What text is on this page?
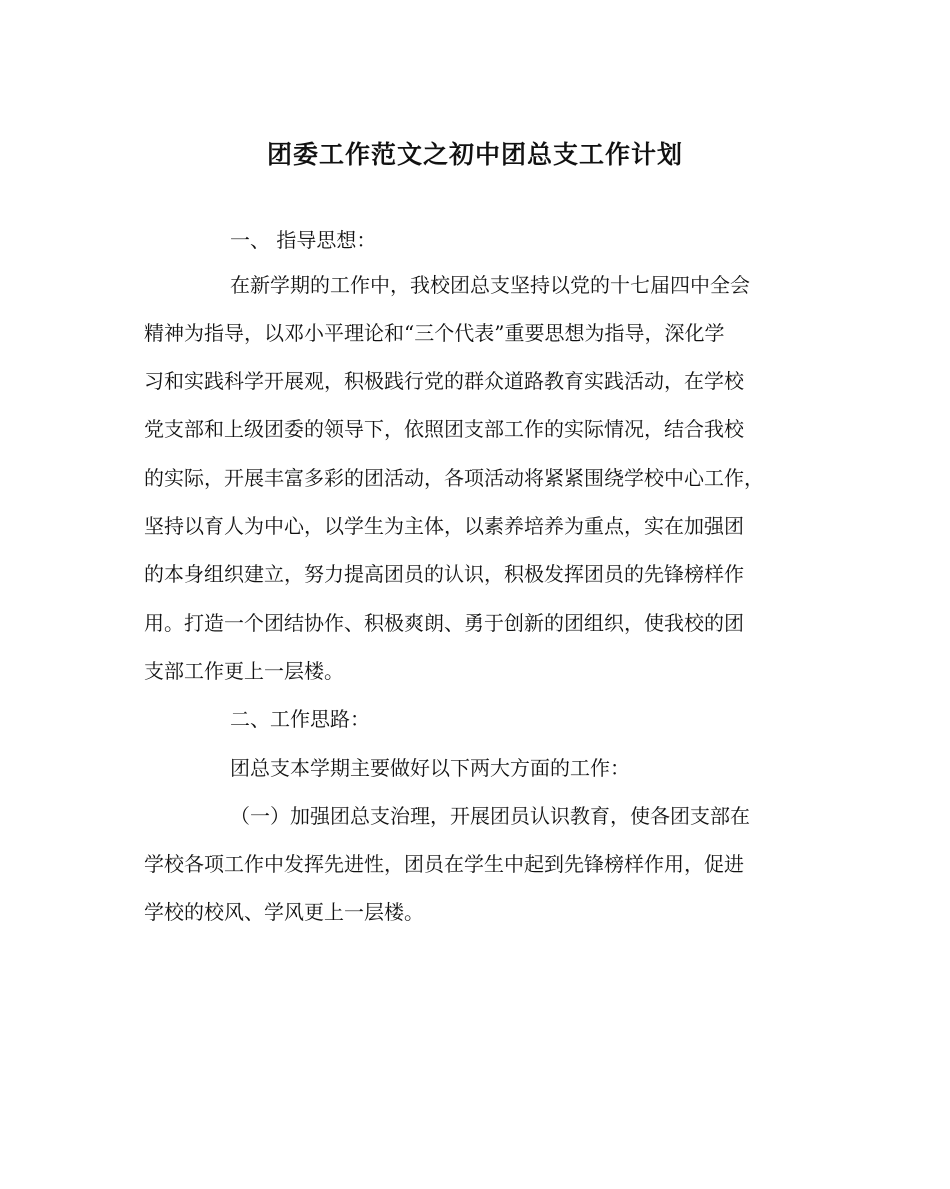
团委工作范文之初中团总支工作计划
一、 指导思想：
在新学期的工作中，我校团总支坚持以党的十七届四中全会
精神为指导，以邓小平理论和“三个代表”重要思想为指导，深化学
习和实践科学开展观，积极践行党的群众道路教育实践活动，在学校
党支部和上级团委的领导下，依照团支部工作的实际情况，结合我校
的实际，开展丰富多彩的团活动，各项活动将紧紧围绕学校中心工作，
坚持以育人为中心，以学生为主体，以素养培养为重点，实在加强团
的本身组织建立，努力提高团员的认识，积极发挥团员的先锋榜样作
用。打造一个团结协作、积极爽朗、勇于创新的团组织，使我校的团
支部工作更上一层楼。
二、工作思路：
团总支本学期主要做好以下两大方面的工作：
（一）加强团总支治理，开展团员认识教育，使各团支部在
学校各项工作中发挥先进性，团员在学生中起到先锋榜样作用，促进
学校的校风、学风更上一层楼。
